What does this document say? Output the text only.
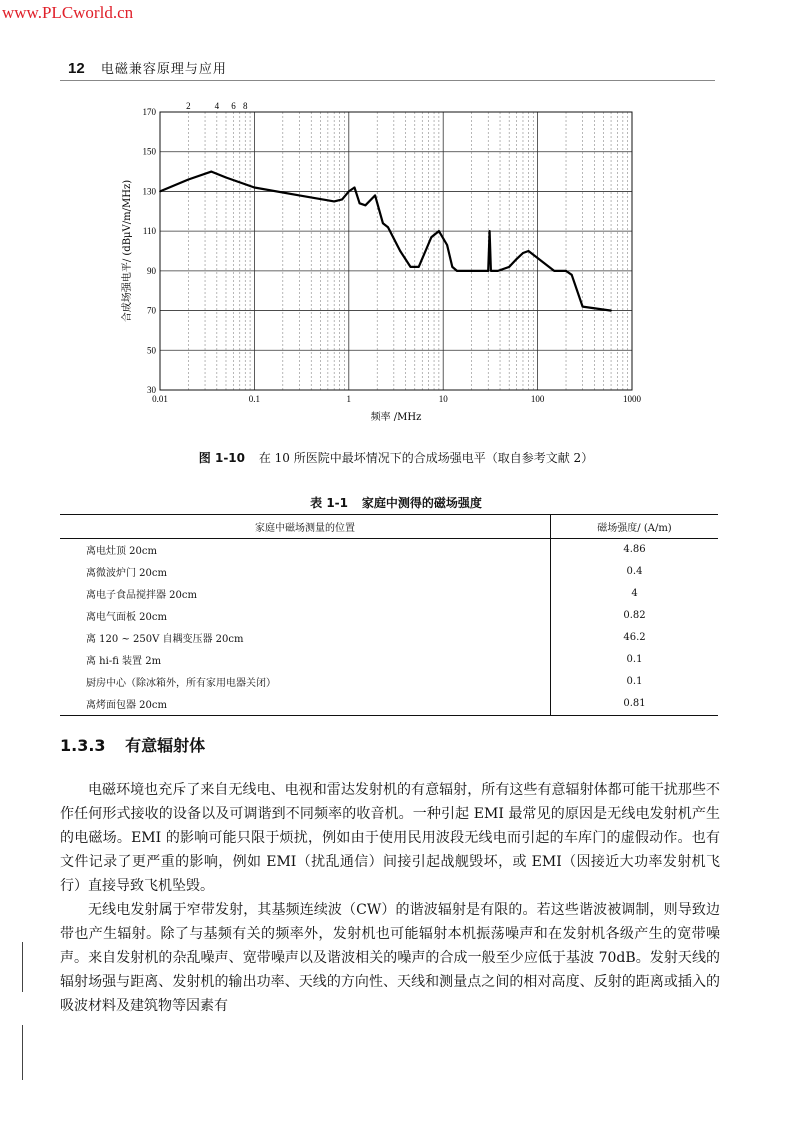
www.PLCworld.cn
12 电磁兼容原理与应用
0.01	0.1	1	10	100	1000
30
50
70
90
110
130
150
170
2	4 6 8
频率 /MHz
合成场强电平/ (dBμV/m/MHz)
图 1-10 在 10 所医院中最坏情况下的合成场强电平（取自参考文献 2）
表 1-1 家庭中测得的磁场强度
家庭中磁场测量的位置	磁场强度/ (A/m)
离电灶顶 20cm	4.86
离微波炉门 20cm	0.4
离电子食品搅拌器 20cm	4
离电气面板 20cm	0.82
离 120 ~ 250V 自耦变压器 20cm	46.2
离 hi-fi 装置 2m	0.1
厨房中心（除冰箱外，所有家用电器关闭）	0.1
离烤面包器 20cm	0.81
1.3.3 有意辐射体

电磁环境也充斥了来自无线电、电视和雷达发射机的有意辐射，所有这些有意辐射体都可能干扰那些不作任何形式接收的设备以及可调谐到不同频率的收音机。一种引起 EMI 最常见的原因是无线电发射机产生的电磁场。EMI 的影响可能只限于烦扰，例如由于使用民用波段无线电而引起的车库门的虚假动作。也有文件记录了更严重的影响，例如 EMI（扰乱通信）间接引起战舰毁坏，或 EMI（因接近大功率发射机飞行）直接导致飞机坠毁。

无线电发射属于窄带发射，其基频连续波（CW）的谐波辐射是有限的。若这些谐波被调制，则导致边带也产生辐射。除了与基频有关的频率外，发射机也可能辐射本机振荡噪声和在发射机各级产生的宽带噪声。来自发射机的杂乱噪声、宽带噪声以及谐波相关的噪声的合成一般至少应低于基波 70dB。发射天线的辐射场强与距离、发射机的输出功率、天线的方向性、天线和测量点之间的相对高度、反射的距离或插入的吸波材料及建筑物等因素有
